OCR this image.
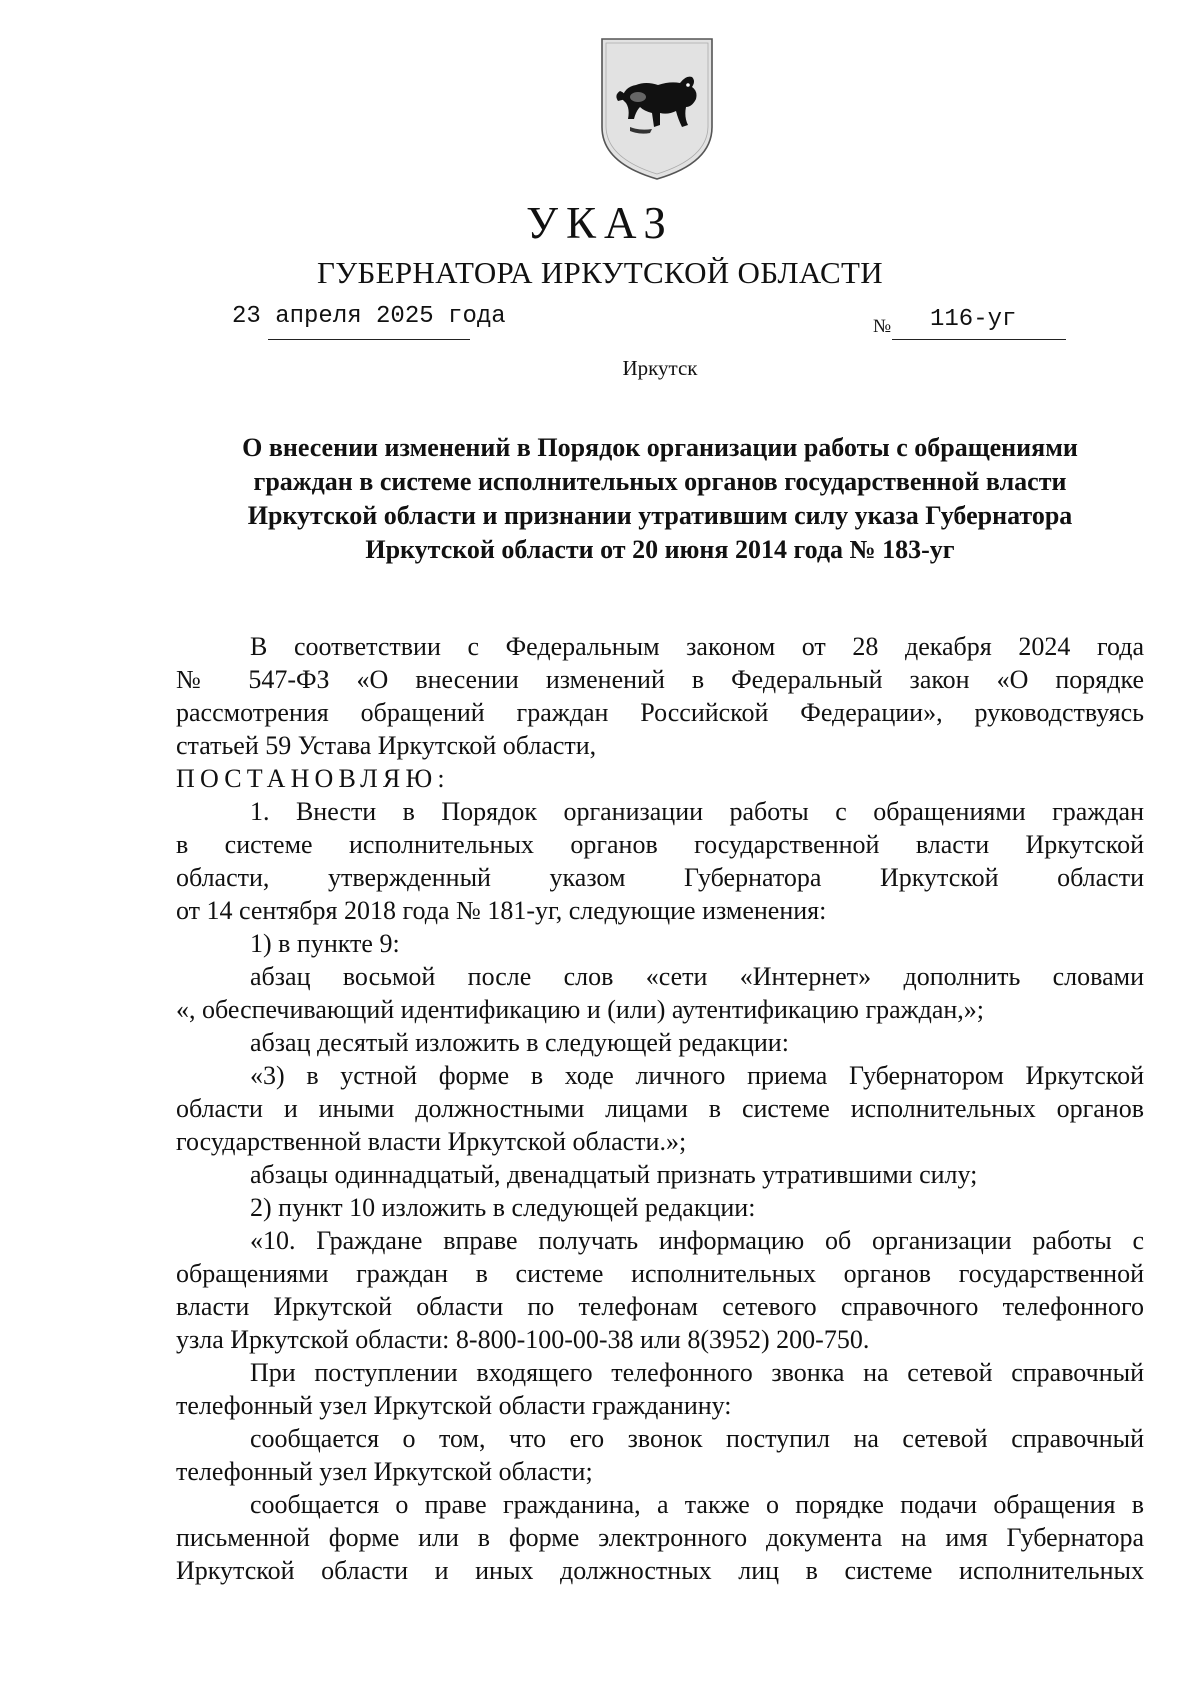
УКАЗ
ГУБЕРНАТОРА ИРКУТСКОЙ ОБЛАСТИ
23 апреля 2025 года	№ 116-уг
Иркутск
О внесении изменений в Порядок организации работы с обращениями
граждан в системе исполнительных органов государственной власти
Иркутской области и признании утратившим силу указа Губернатора
Иркутской области от 20 июня 2014 года № 183-уг
В соответствии с Федеральным законом от 28 декабря 2024 года
№ 547-ФЗ «О внесении изменений в Федеральный закон «О порядке
рассмотрения обращений граждан Российской Федерации», руководствуясь
статьей 59 Устава Иркутской области,
ПОСТАНОВЛЯЮ:
1. Внести в Порядок организации работы с обращениями граждан
в системе исполнительных органов государственной власти Иркутской
области, утвержденный указом Губернатора Иркутской области
от 14 сентября 2018 года № 181-уг, следующие изменения:
1) в пункте 9:
абзац восьмой после слов «сети «Интернет» дополнить словами
«, обеспечивающий идентификацию и (или) аутентификацию граждан,»;
абзац десятый изложить в следующей редакции:
«3) в устной форме в ходе личного приема Губернатором Иркутской
области и иными должностными лицами в системе исполнительных органов
государственной власти Иркутской области.»;
абзацы одиннадцатый, двенадцатый признать утратившими силу;
2) пункт 10 изложить в следующей редакции:
«10. Граждане вправе получать информацию об организации работы с
обращениями граждан в системе исполнительных органов государственной
власти Иркутской области по телефонам сетевого справочного телефонного
узла Иркутской области: 8-800-100-00-38 или 8(3952) 200-750.
При поступлении входящего телефонного звонка на сетевой справочный
телефонный узел Иркутской области гражданину:
сообщается о том, что его звонок поступил на сетевой справочный
телефонный узел Иркутской области;
сообщается о праве гражданина, а также о порядке подачи обращения в
письменной форме или в форме электронного документа на имя Губернатора
Иркутской области и иных должностных лиц в системе исполнительных
